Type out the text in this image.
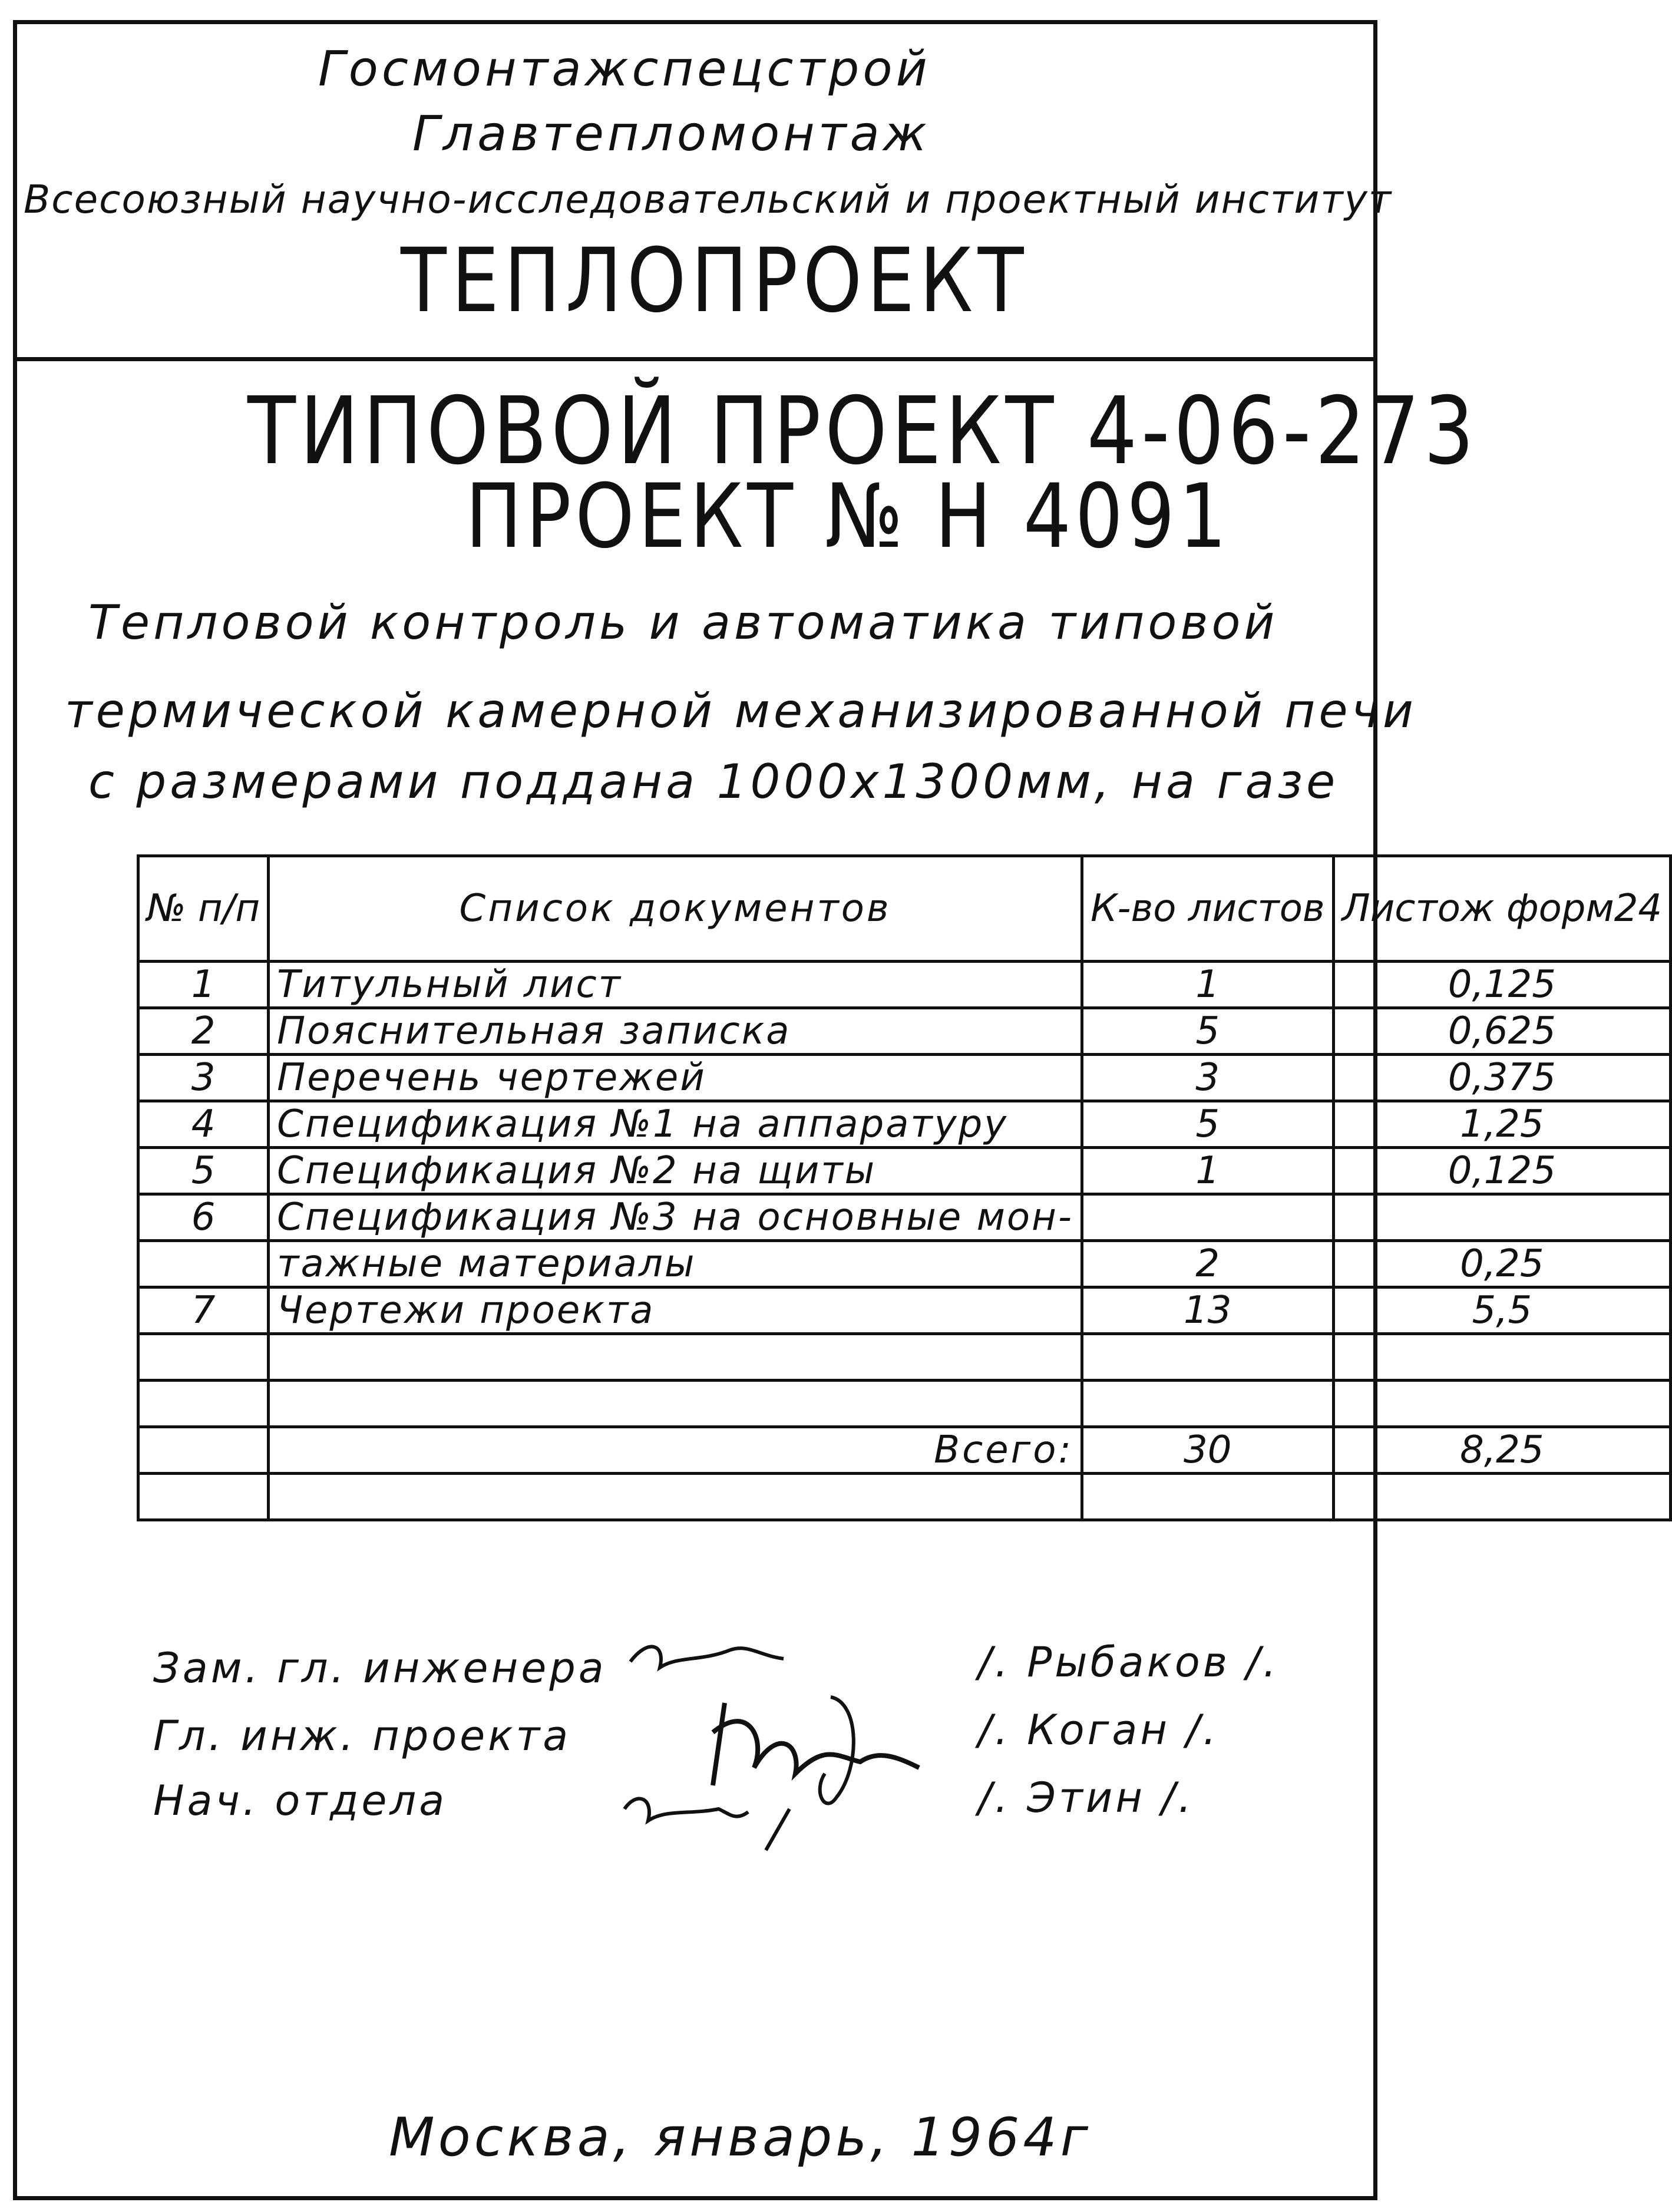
Госмонтажспецстрой
Главтепломонтаж
Всесоюзный научно-исследовательский и проектный институт
ТЕПЛОПРОЕКТ
ТИПОВОЙ ПРОЕКТ 4-06-273
ПРОЕКТ № Н 4091
Тепловой контроль и автоматика типовой
термической камерной механизированной печи
с размерами поддана 1000х1300мм, на газе
№ п/п	Список документов	К-во листов	Листож форм24
1	Титульный лист	1	0,125
2	Пояснительная записка	5	0,625
3	Перечень чертежей	3	0,375
4	Спецификация №1 на аппаратуру	5	1,25
5	Спецификация №2 на щиты	1	0,125
6	Спецификация №3 на основные мон-		
	тажные материалы	2	0,25
7	Чертежи проекта	13	5,5

	Всего:	30	8,25

Зам. гл. инженера
Гл. инж. проекта
Нач. отдела
/. Рыбаков /.
/. Коган /.
/. Этин /.
Москва, январь, 1964г
